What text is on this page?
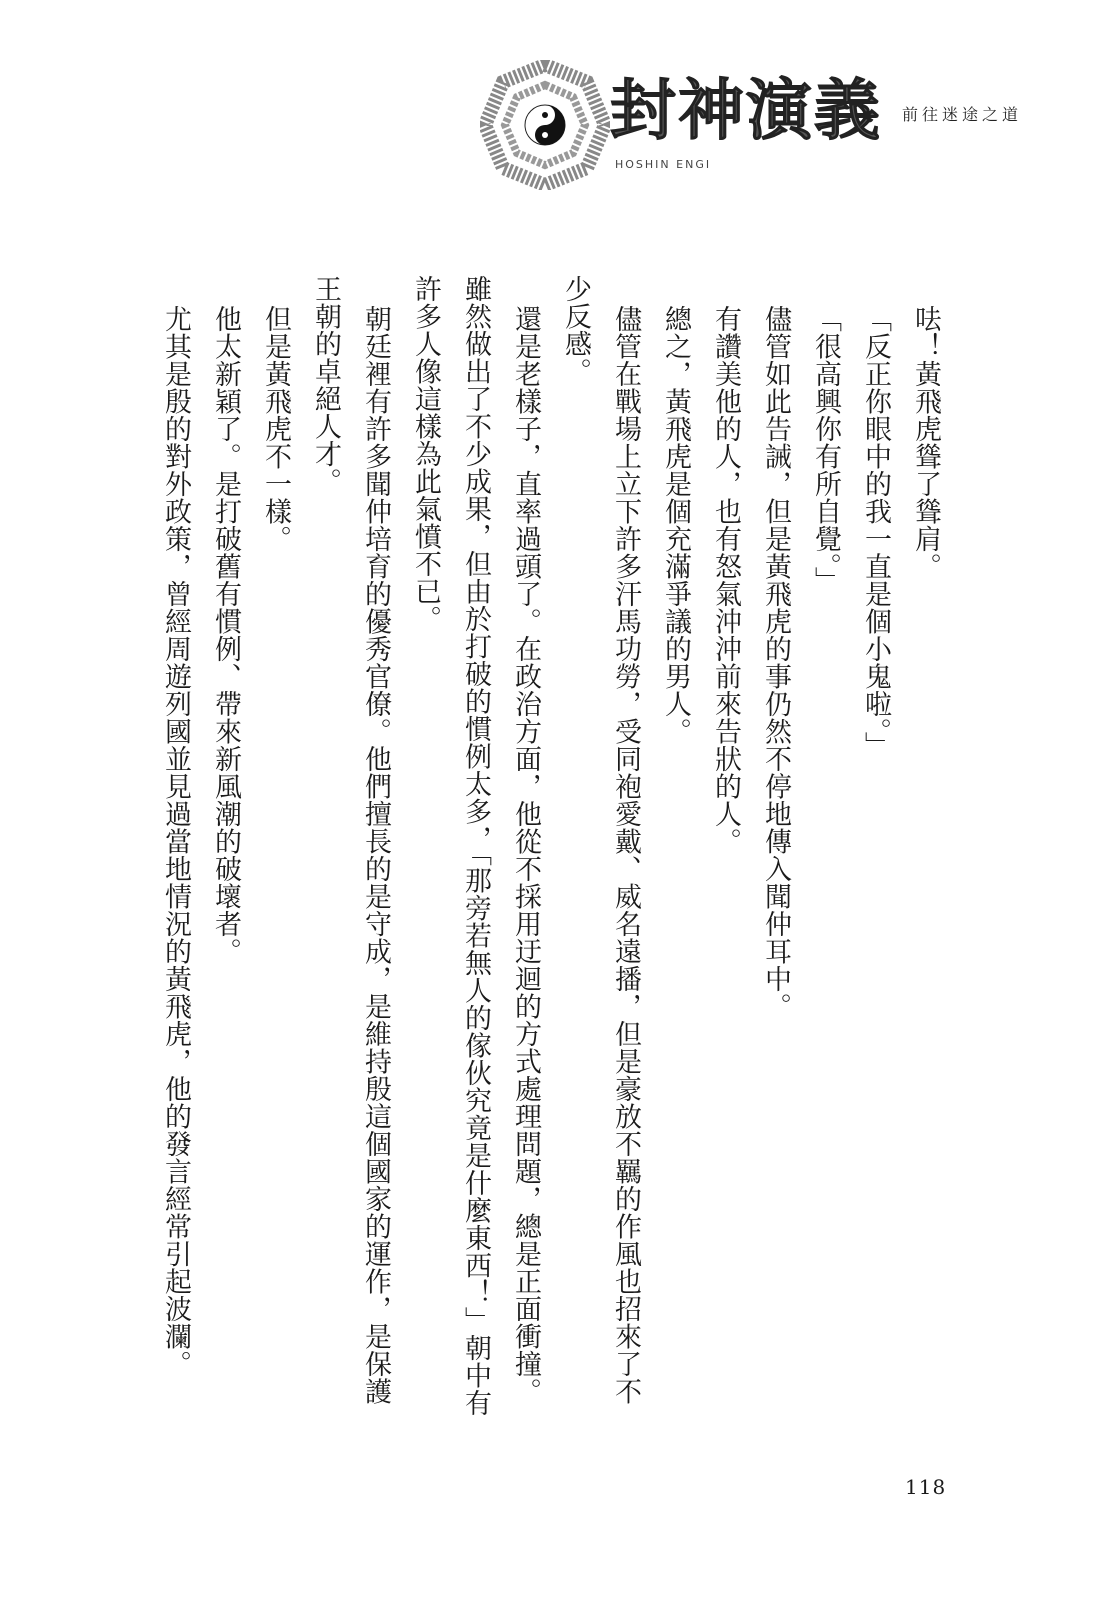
封神演義
HOSHIN ENGI
前往迷途之道

呿！黃飛虎聳了聳肩。

「反正你眼中的我一直是個小鬼啦。」

「很高興你有所自覺。」

儘管如此告誡，但是黃飛虎的事仍然不停地傳入聞仲耳中。

有讚美他的人，也有怒氣沖沖前來告狀的人。

總之，黃飛虎是個充滿爭議的男人。

儘管在戰場上立下許多汗馬功勞，受同袍愛戴、威名遠播，但是豪放不羈的作風也招來了不少反感。

還是老樣子，直率過頭了。在政治方面，他從不採用迂迴的方式處理問題，總是正面衝撞。雖然做出了不少成果，但由於打破的慣例太多，「那旁若無人的傢伙究竟是什麼東西！」朝中有許多人像這樣為此氣憤不已。

朝廷裡有許多聞仲培育的優秀官僚。他們擅長的是守成，是維持殷這個國家的運作，是保護王朝的卓絕人才。

但是黃飛虎不一樣。

他太新穎了。是打破舊有慣例、帶來新風潮的破壞者。

尤其是殷的對外政策，曾經周遊列國並見過當地情況的黃飛虎，他的發言經常引起波瀾。

118
